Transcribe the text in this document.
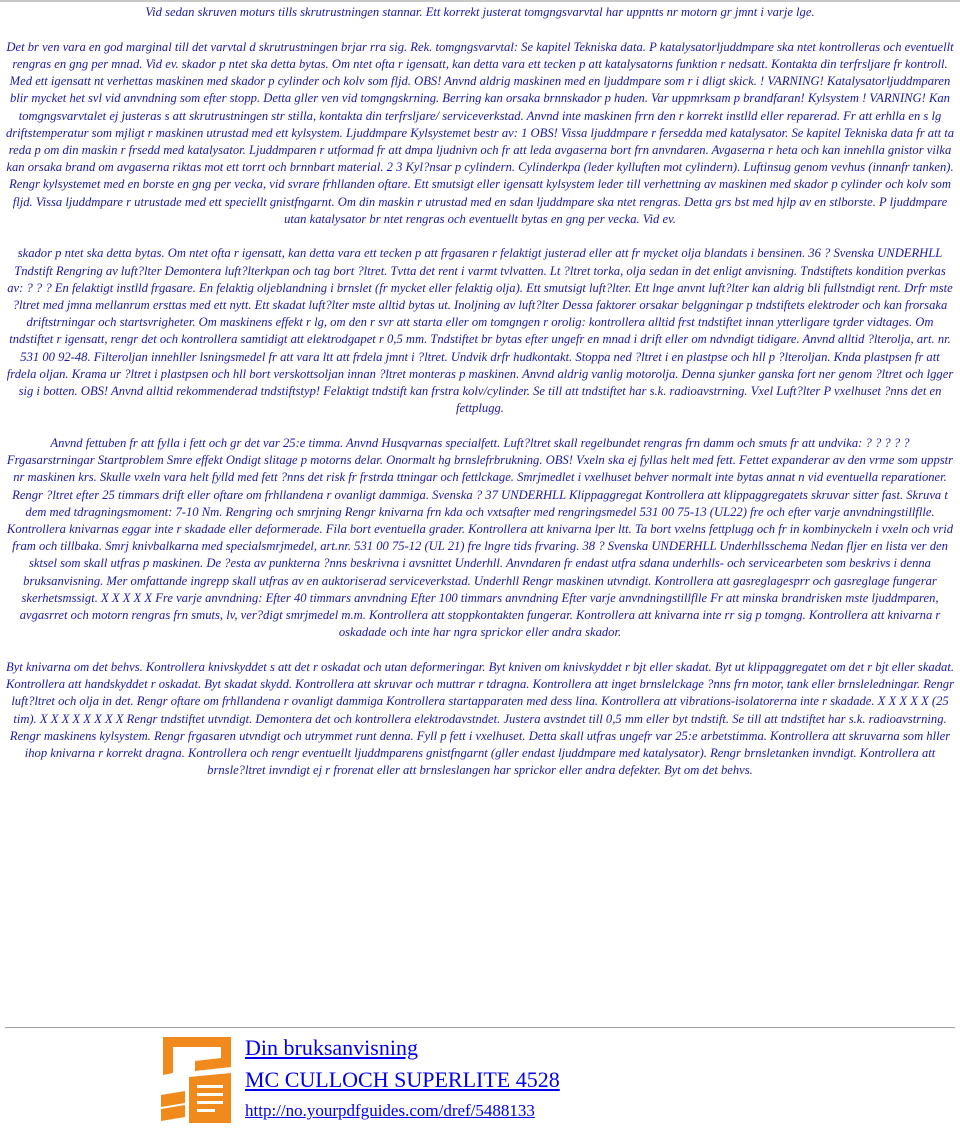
Vid sedan skruven moturs tills skrutrustningen stannar. Ett korrekt justerat tomgngsvarvtal har uppntts nr motorn gr jmnt i varje lge.

Det br ven vara en god marginal till det varvtal d skrutrustningen brjar rra sig. Rek. tomgngsvarvtal: Se kapitel Tekniska data. P katalysatorljuddmpare ska ntet kontrolleras och eventuellt rengras en gng per mnad. Vid ev. skador p ntet ska detta bytas. Om ntet ofta r igensatt, kan detta vara ett tecken p att katalysatorns funktion r nedsatt. Kontakta din terfrsljare fr kontroll. Med ett igensatt nt verhettas maskinen med skador p cylinder och kolv som fljd. OBS! Anvnd aldrig maskinen med en ljuddmpare som r i dligt skick. ! VARNING! Katalysatorljuddmparen blir mycket het svl vid anvndning som efter stopp. Detta gller ven vid tomgngskrning. Berring kan orsaka brnnskador p huden. Var uppmrksam p brandfaran! Kylsystem ! VARNING! Kan tomgngsvarvtalet ej justeras s att skrutrustningen str stilla, kontakta din terfrsljare/ serviceverkstad. Anvnd inte maskinen frrn den r korrekt instlld eller reparerad. Fr att erhlla en s lg driftstemperatur som mjligt r maskinen utrustad med ett kylsystem. Ljuddmpare Kylsystemet bestr av: 1 OBS! Vissa ljuddmpare r fersedda med katalysator. Se kapitel Tekniska data fr att ta reda p om din maskin r frsedd med katalysator. Ljuddmparen r utformad fr att dmpa ljudnivn och fr att leda avgaserna bort frn anvndaren. Avgaserna r heta och kan innehlla gnistor vilka kan orsaka brand om avgaserna riktas mot ett torrt och brnnbart material. 2 3 Kyl?nsar p cylindern. Cylinderkpa (leder kylluften mot cylindern). Luftinsug genom vevhus (innanfr tanken). Rengr kylsystemet med en borste en gng per vecka, vid svrare frhllanden oftare. Ett smutsigt eller igensatt kylsystem leder till verhettning av maskinen med skador p cylinder och kolv som fljd. Vissa ljuddmpare r utrustade med ett speciellt gnistfngarnt. Om din maskin r utrustad med en sdan ljuddmpare ska ntet rengras. Detta grs bst med hjlp av en stlborste. P ljuddmpare utan katalysator br ntet rengras och eventuellt bytas en gng per vecka. Vid ev.

skador p ntet ska detta bytas. Om ntet ofta r igensatt, kan detta vara ett tecken p att frgasaren r felaktigt justerad eller att fr mycket olja blandats i bensinen. 36 ? Svenska UNDERHLL Tndstift Rengring av luft?lter Demontera luft?lterkpan och tag bort ?ltret. Tvtta det rent i varmt tvlvatten. Lt ?ltret torka, olja sedan in det enligt anvisning. Tndstiftets kondition pverkas av: ? ? ? En felaktigt instlld frgasare. En felaktig oljeblandning i brnslet (fr mycket eller felaktig olja). Ett smutsigt luft?lter. Ett lnge anvnt luft?lter kan aldrig bli fullstndigt rent. Drfr mste ?ltret med jmna mellanrum ersttas med ett nytt. Ett skadat luft?lter mste alltid bytas ut. Inoljning av luft?lter Dessa faktorer orsakar belggningar p tndstiftets elektroder och kan frorsaka driftstrningar och startsvrigheter. Om maskinens effekt r lg, om den r svr att starta eller om tomgngen r orolig: kontrollera alltid frst tndstiftet innan ytterligare tgrder vidtages. Om tndstiftet r igensatt, rengr det och kontrollera samtidigt att elektrodgapet r 0,5 mm. Tndstiftet br bytas efter ungefr en mnad i drift eller om ndvndigt tidigare. Anvnd alltid ?lterolja, art. nr. 531 00 92-48. Filteroljan innehller lsningsmedel fr att vara ltt att frdela jmnt i ?ltret. Undvik drfr hudkontakt. Stoppa ned ?ltret i en plastpse och hll p ?lteroljan. Knda plastpsen fr att frdela oljan. Krama ur ?ltret i plastpsen och hll bort verskottsoljan innan ?ltret monteras p maskinen. Anvnd aldrig vanlig motorolja. Denna sjunker ganska fort ner genom ?ltret och lgger sig i botten. OBS! Anvnd alltid rekommenderad tndstiftstyp! Felaktigt tndstift kan frstra kolv/cylinder. Se till att tndstiftet har s.k. radioavstrning. Vxel Luft?lter P vxelhuset ?nns det en fettplugg.

Anvnd fettuben fr att fylla i fett och gr det var 25:e timma. Anvnd Husqvarnas specialfett. Luft?ltret skall regelbundet rengras frn damm och smuts fr att undvika: ? ? ? ? ? Frgasarstrningar Startproblem Smre effekt Ondigt slitage p motorns delar. Onormalt hg brnslefrbrukning. OBS! Vxeln ska ej fyllas helt med fett. Fettet expanderar av den vrme som uppstr nr maskinen krs. Skulle vxeln vara helt fylld med fett ?nns det risk fr frstrda ttningar och fettlckage. Smrjmedlet i vxelhuset behver normalt inte bytas annat n vid eventuella reparationer. Rengr ?ltret efter 25 timmars drift eller oftare om frhllandena r ovanligt dammiga. Svenska ? 37 UNDERHLL Klippaggregat Kontrollera att klippaggregatets skruvar sitter fast. Skruva t dem med tdragningsmoment: 7-10 Nm. Rengring och smrjning Rengr knivarna frn kda och vxtsafter med rengringsmedel 531 00 75-13 (UL22) fre och efter varje anvndningstillflle. Kontrollera knivarnas eggar inte r skadade eller deformerade. Fila bort eventuella grader. Kontrollera att knivarna lper ltt. Ta bort vxelns fettplugg och fr in kombinyckeln i vxeln och vrid fram och tillbaka. Smrj knivbalkarna med specialsmrjmedel, art.nr. 531 00 75-12 (UL 21) fre lngre tids frvaring. 38 ? Svenska UNDERHLL Underhllsschema Nedan fljer en lista ver den sktsel som skall utfras p maskinen. De ?esta av punkterna ?nns beskrivna i avsnittet Underhll. Anvndaren fr endast utfra sdana underhlls- och servicearbeten som beskrivs i denna bruksanvisning. Mer omfattande ingrepp skall utfras av en auktoriserad serviceverkstad. Underhll Rengr maskinen utvndigt. Kontrollera att gasreglagesprr och gasreglage fungerar skerhetsmssigt. X X X X X Fre varje anvndning: Efter 40 timmars anvndning Efter 100 timmars anvndning Efter varje anvndningstillflle Fr att minska brandrisken mste ljuddmparen, avgasrret och motorn rengras frn smuts, lv, ver?digt smrjmedel m.m. Kontrollera att stoppkontakten fungerar. Kontrollera att knivarna inte rr sig p tomgng. Kontrollera att knivarna r oskadade och inte har ngra sprickor eller andra skador.

Byt knivarna om det behvs. Kontrollera knivskyddet s att det r oskadat och utan deformeringar. Byt kniven om knivskyddet r bjt eller skadat. Byt ut klippaggregatet om det r bjt eller skadat. Kontrollera att handskyddet r oskadat. Byt skadat skydd. Kontrollera att skruvar och muttrar r tdragna. Kontrollera att inget brnslelckage ?nns frn motor, tank eller brnsleledningar. Rengr luft?ltret och olja in det. Rengr oftare om frhllandena r ovanligt dammiga Kontrollera startapparaten med dess lina. Kontrollera att vibrations-isolatorerna inte r skadade. X X X X X (25 tim). X X X X X X X X Rengr tndstiftet utvndigt. Demontera det och kontrollera elektrodavstndet. Justera avstndet till 0,5 mm eller byt tndstift. Se till att tndstiftet har s.k. radioavstrning. Rengr maskinens kylsystem. Rengr frgasaren utvndigt och utrymmet runt denna. Fyll p fett i vxelhuset. Detta skall utfras ungefr var 25:e arbetstimma. Kontrollera att skruvarna som hller ihop knivarna r korrekt dragna. Kontrollera och rengr eventuellt ljuddmparens gnistfngarnt (gller endast ljuddmpare med katalysator). Rengr brnsletanken invndigt. Kontrollera att brnsle?ltret invndigt ej r frorenat eller att brnsleslangen har sprickor eller andra defekter. Byt om det behvs.

Din bruksanvisning
MC CULLOCH SUPERLITE 4528
http://no.yourpdfguides.com/dref/5488133
